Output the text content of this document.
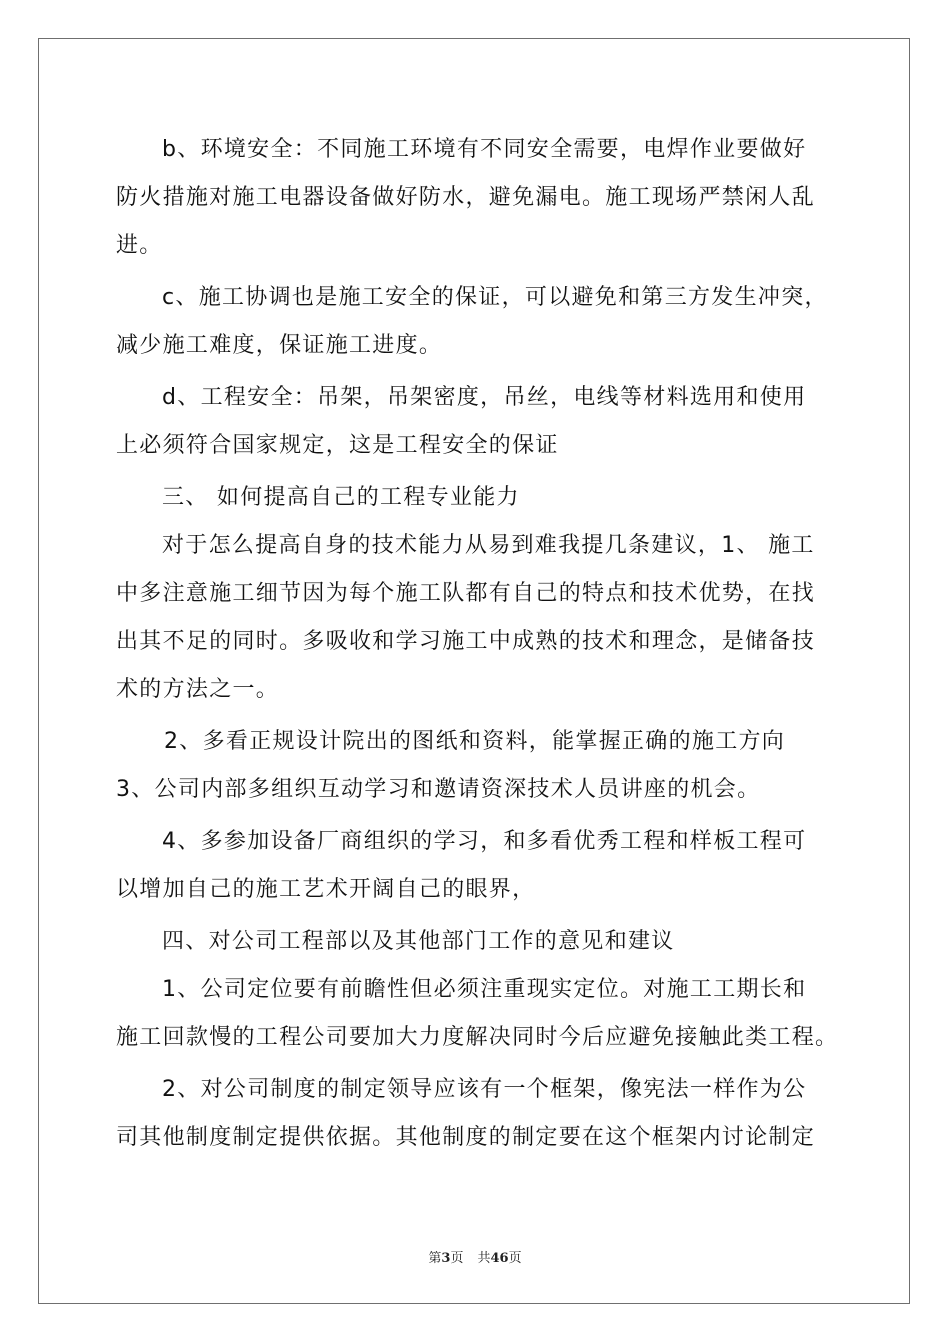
b、环境安全：不同施工环境有不同安全需要，电焊作业要做好
防火措施对施工电器设备做好防水，避免漏电。施工现场严禁闲人乱
进。
c、施工协调也是施工安全的保证，可以避免和第三方发生冲突，
减少施工难度，保证施工进度。
d、工程安全：吊架，吊架密度，吊丝，电线等材料选用和使用
上必须符合国家规定，这是工程安全的保证
三、 如何提高自己的工程专业能力
对于怎么提高自身的技术能力从易到难我提几条建议，1、 施工
中多注意施工细节因为每个施工队都有自己的特点和技术优势，在找
出其不足的同时。多吸收和学习施工中成熟的技术和理念，是储备技
术的方法之一。
2、多看正规设计院出的图纸和资料，能掌握正确的施工方向
3、公司内部多组织互动学习和邀请资深技术人员讲座的机会。
4、多参加设备厂商组织的学习，和多看优秀工程和样板工程可
以增加自己的施工艺术开阔自己的眼界，
四、对公司工程部以及其他部门工作的意见和建议
1、公司定位要有前瞻性但必须注重现实定位。对施工工期长和
施工回款慢的工程公司要加大力度解决同时今后应避免接触此类工程。
2、对公司制度的制定领导应该有一个框架，像宪法一样作为公
司其他制度制定提供依据。其他制度的制定要在这个框架内讨论制定
第3页 共46页
